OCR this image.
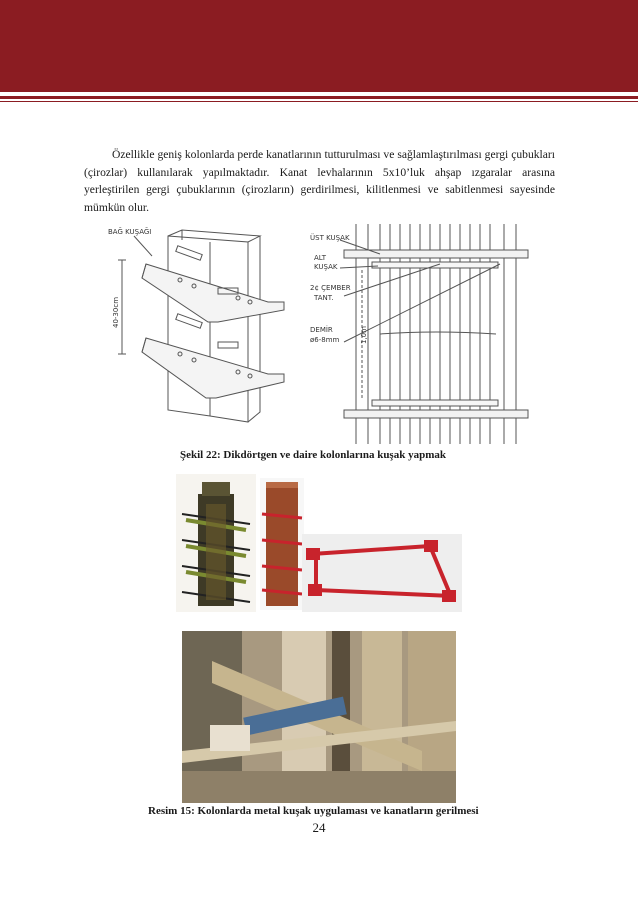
Özellikle geniş kolonlarda perde kanatlarının tutturulması ve sağlamlaştırılması gergi çubukları (çirozlar) kullanılarak yapılmaktadır. Kanat levhalarının 5x10’luk ahşap ızgaralar arasına yerleştirilen gergi çubuklarının (çirozların) gerdirilmesi, kilitlenmesi ve sabitlenmesi sayesinde mümkün olur.

BAĞ KUŞAĞI
40-30cm
ÜST KUŞAK
ALT
KUŞAK
2¢ ÇEMBER
TANT.
DEMİR
ø6-8mm	1,0m
Şekil 22: Dikdörtgen ve daire kolonlarına kuşak yapmak
Resim 15: Kolonlarda metal kuşak uygulaması ve kanatların gerilmesi
24
